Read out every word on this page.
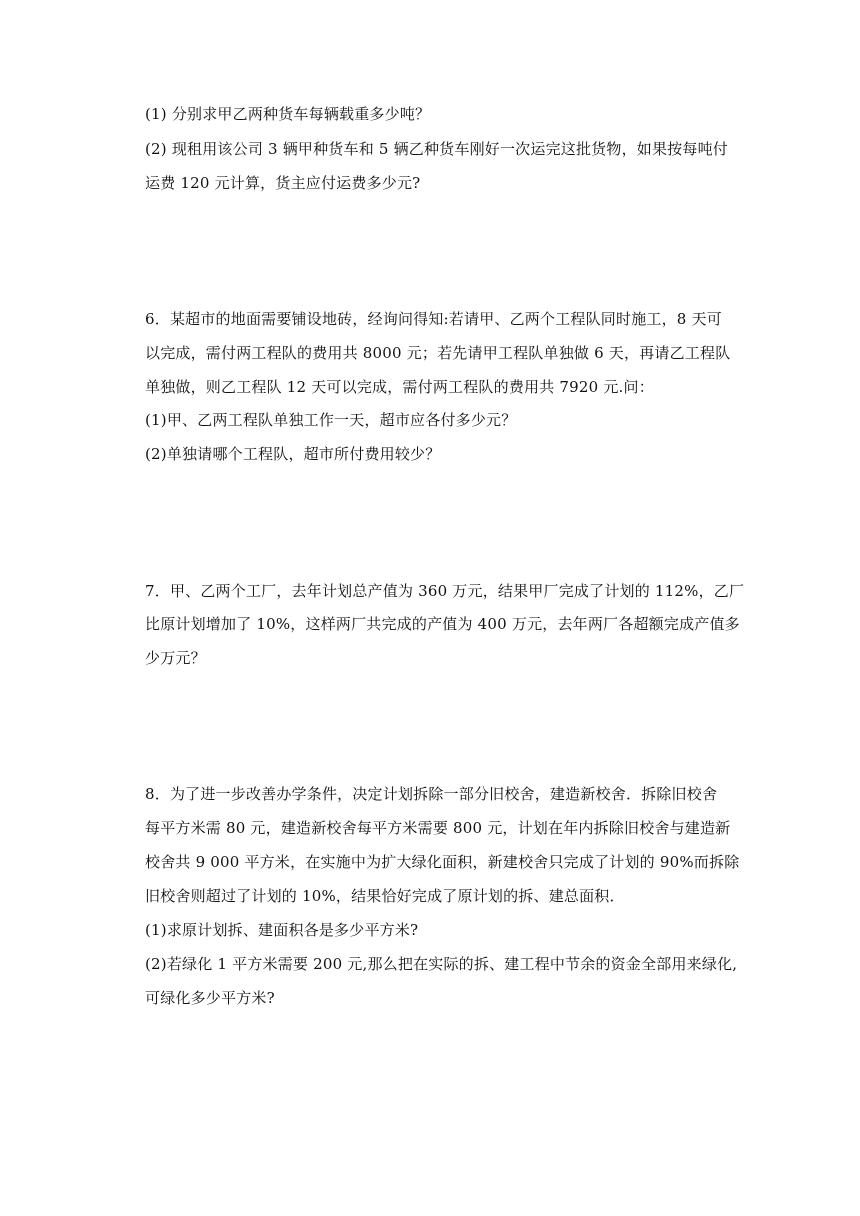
(1) 分别求甲乙两种货车每辆载重多少吨？
(2) 现租用该公司 3 辆甲种货车和 5 辆乙种货车刚好一次运完这批货物，如果按每吨付
运费 120 元计算，货主应付运费多少元?
6．某超市的地面需要铺设地砖，经询问得知:若请甲、乙两个工程队同时施工，8 天可
以完成，需付两工程队的费用共 8000 元；若先请甲工程队单独做 6 天，再请乙工程队
单独做，则乙工程队 12 天可以完成，需付两工程队的费用共 7920 元.问：
(1)甲、乙两工程队单独工作一天，超市应各付多少元？
(2)单独请哪个工程队，超市所付费用较少？
7．甲、乙两个工厂，去年计划总产值为 360 万元，结果甲厂完成了计划的 112%，乙厂
比原计划增加了 10%，这样两厂共完成的产值为 400 万元，去年两厂各超额完成产值多
少万元？
8．为了进一步改善办学条件，决定计划拆除一部分旧校舍，建造新校舍．拆除旧校舍
每平方米需 80 元，建造新校舍每平方米需要 800 元，计划在年内拆除旧校舍与建造新
校舍共 9 000 平方米，在实施中为扩大绿化面积，新建校舍只完成了计划的 90%而拆除
旧校舍则超过了计划的 10%，结果恰好完成了原计划的拆、建总面积．
(1)求原计划拆、建面积各是多少平方米?
(2)若绿化 1 平方米需要 200 元,那么把在实际的拆、建工程中节余的资金全部用来绿化,
可绿化多少平方米?
